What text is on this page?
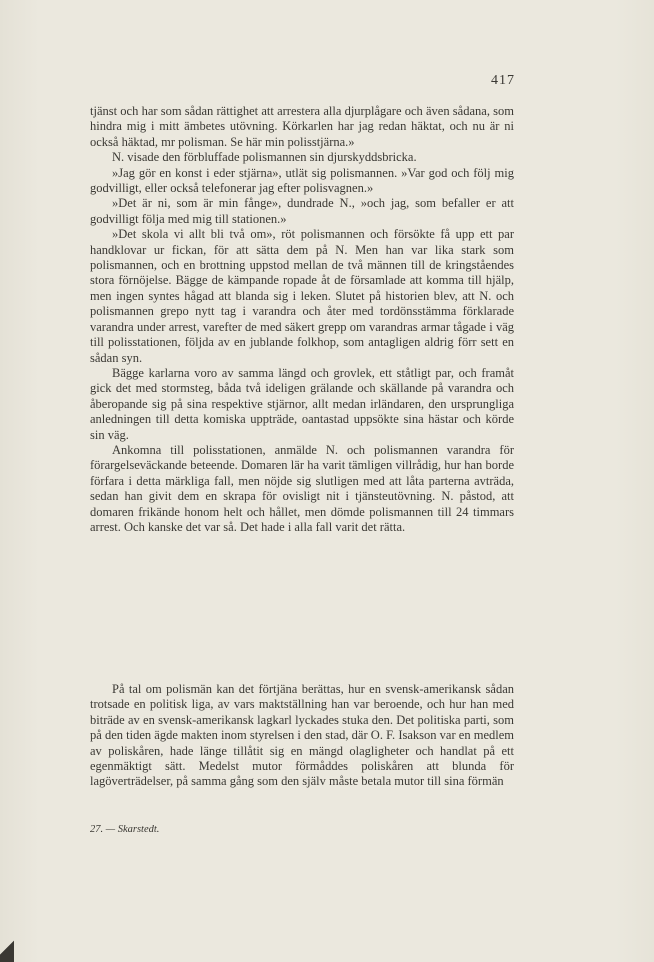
417

tjänst och har som sådan rättighet att arrestera alla djurplågare och även sådana, som hindra mig i mitt ämbetes utövning. Körkarlen har jag redan häktat, och nu är ni också häktad, mr polisman. Se här min polisstjärna.»

N. visade den förbluffade polismannen sin djurskyddsbricka.

»Jag gör en konst i eder stjärna», utlät sig polismannen. »Var god och följ mig godvilligt, eller också telefonerar jag efter polisvagnen.»

»Det är ni, som är min fånge», dundrade N., »och jag, som befaller er att godvilligt följa med mig till stationen.»

»Det skola vi allt bli två om», röt polismannen och försökte få upp ett par handklovar ur fickan, för att sätta dem på N. Men han var lika stark som polismannen, och en brottning uppstod mellan de två männen till de kringståendes stora förnöjelse. Bägge de kämpande ropade åt de församlade att komma till hjälp, men ingen syntes hågad att blanda sig i leken. Slutet på historien blev, att N. och polismannen grepo nytt tag i varandra och åter med tordönsstämma förklarade varandra under arrest, varefter de med säkert grepp om varandras armar tågade i väg till polisstationen, följda av en jublande folkhop, som antagligen aldrig förr sett en sådan syn.

Bägge karlarna voro av samma längd och grovlek, ett ståtligt par, och framåt gick det med stormsteg, båda två ideligen grälande och skällande på varandra och åberopande sig på sina respektive stjärnor, allt medan irländaren, den ursprungliga anledningen till detta komiska uppträde, oantastad uppsökte sina hästar och körde sin väg.

Ankomna till polisstationen, anmälde N. och polismannen varandra för förargelseväckande beteende. Domaren lär ha varit tämligen villrådig, hur han borde förfara i detta märkliga fall, men nöjde sig slutligen med att låta parterna avträda, sedan han givit dem en skrapa för ovisligt nit i tjänsteutövning. N. påstod, att domaren frikände honom helt och hållet, men dömde polismannen till 24 timmars arrest. Och kanske det var så. Det hade i alla fall varit det rätta.

På tal om polismän kan det förtjäna berättas, hur en svensk-amerikansk sådan trotsade en politisk liga, av vars maktställning han var beroende, och hur han med biträde av en svensk-amerikansk lagkarl lyckades stuka den. Det politiska parti, som på den tiden ägde makten inom styrelsen i den stad, där O. F. Isakson var en medlem av poliskåren, hade länge tillåtit sig en mängd olagligheter och handlat på ett egenmäktigt sätt. Medelst mutor förmåddes poliskåren att blunda för lagöverträdelser, på samma gång som den själv måste betala mutor till sina förmän

27. — Skarstedt.
